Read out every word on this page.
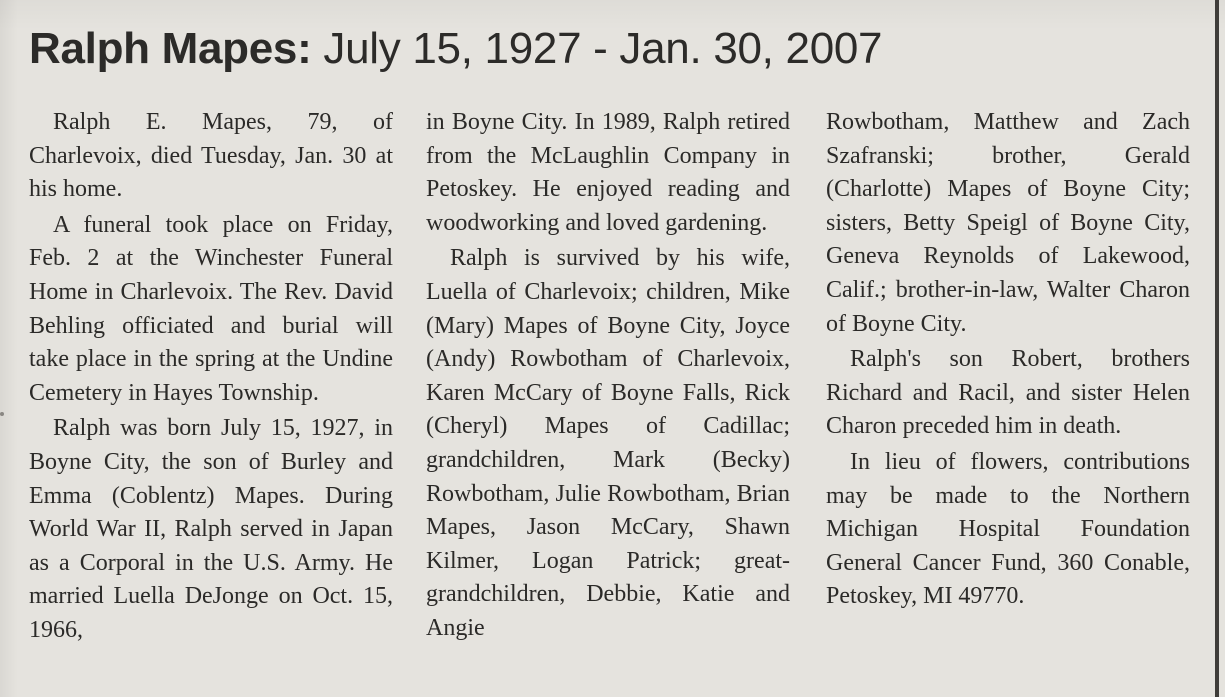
Ralph Mapes: July 15, 1927 - Jan. 30, 2007

Ralph E. Mapes, 79, of Charlevoix, died Tuesday, Jan. 30 at his home.

A funeral took place on Friday, Feb. 2 at the Winchester Funeral Home in Charlevoix. The Rev. David Behling officiated and burial will take place in the spring at the Undine Cemetery in Hayes Township.

Ralph was born July 15, 1927, in Boyne City, the son of Burley and Emma (Coblentz) Mapes. During World War II, Ralph served in Japan as a Corporal in the U.S. Army. He married Luella DeJonge on Oct. 15, 1966,

in Boyne City. In 1989, Ralph retired from the McLaughlin Company in Petoskey. He enjoyed reading and woodworking and loved gardening.

Ralph is survived by his wife, Luella of Charlevoix; children, Mike (Mary) Mapes of Boyne City, Joyce (Andy) Rowbotham of Charlevoix, Karen McCary of Boyne Falls, Rick (Cheryl) Mapes of Cadillac; grandchildren, Mark (Becky) Rowbotham, Julie Rowbotham, Brian Mapes, Jason McCary, Shawn Kilmer, Logan Patrick; great-grandchildren, Debbie, Katie and Angie

Rowbotham, Matthew and Zach Szafranski; brother, Gerald (Charlotte) Mapes of Boyne City; sisters, Betty Speigl of Boyne City, Geneva Reynolds of Lakewood, Calif.; brother-in-law, Walter Charon of Boyne City.

Ralph's son Robert, brothers Richard and Racil, and sister Helen Charon preceded him in death.

In lieu of flowers, contributions may be made to the Northern Michigan Hospital Foundation General Cancer Fund, 360 Conable, Petoskey, MI 49770.
